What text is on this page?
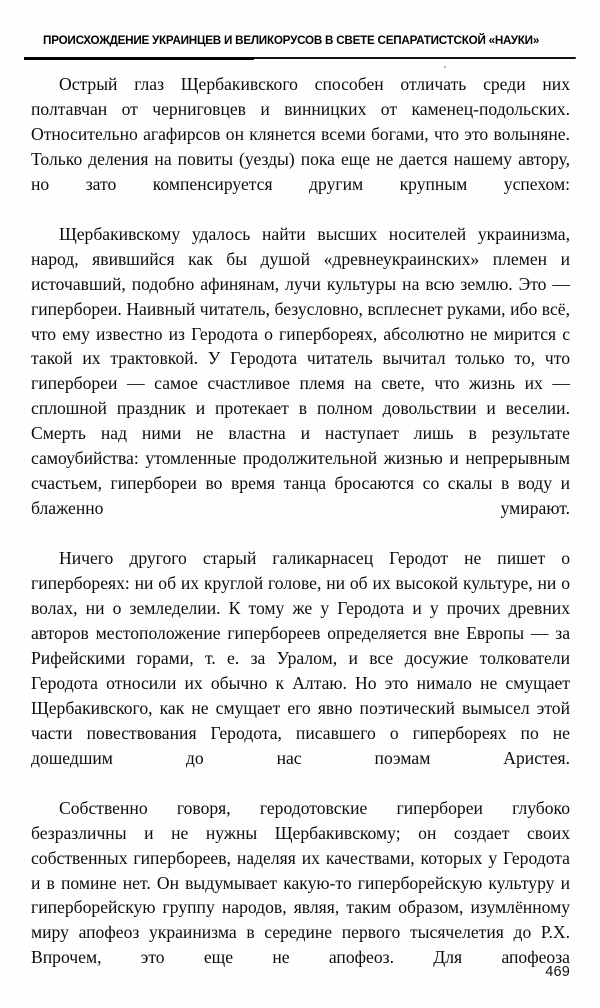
ПРОИСХОЖДЕНИЕ УКРАИНЦЕВ И ВЕЛИКОРУСОВ В СВЕТЕ СЕПАРАТИСТСКОЙ «НАУКИ»

Острый глаз Щербакивского способен отличать среди них полтавчан от черниговцев и винницких от каменец-подольских. Относительно агафирсов он клянется всеми богами, что это волыняне. Только деления на повиты (уезды) пока еще не дается нашему автору, но зато компенсируется другим крупным успехом:

Щербакивскому удалось найти высших носителей украинизма, народ, явившийся как бы душой «древнеукраинских» племен и источавший, подобно афинянам, лучи культуры на всю землю. Это — гипербореи. Наивный читатель, безусловно, всплеснет руками, ибо всё, что ему известно из Геродота о гипербореях, абсолютно не мирится с такой их трактовкой. У Геродота читатель вычитал только то, что гипербореи — самое счастливое племя на свете, что жизнь их — сплошной праздник и протекает в полном довольствии и веселии. Смерть над ними не властна и наступает лишь в результате самоубийства: утомленные продолжительной жизнью и непрерывным счастьем, гипербореи во время танца бросаются со скалы в воду и блаженно умирают.

Ничего другого старый галикарнасец Геродот не пишет о гипербореях: ни об их круглой голове, ни об их высокой культуре, ни о волах, ни о земледелии. К тому же у Геродота и у прочих древних авторов местоположение гипербореев определяется вне Европы — за Рифейскими горами, т. е. за Уралом, и все досужие толкователи Геродота относили их обычно к Алтаю. Но это нимало не смущает Щербакивского, как не смущает его явно поэтический вымысел этой части повествования Геродота, писавшего о гипербореях по не дошедшим до нас поэмам Аристея.

Собственно говоря, геродотовские гипербореи глубоко безразличны и не нужны Щербакивскому; он создает своих собственных гипербореев, наделяя их качествами, которых у Геродота и в помине нет. Он выдумывает какую-то гиперборейскую культуру и гиперборейскую группу народов, являя, таким образом, изумлённому миру апофеоз украинизма в середине первого тысячелетия до Р.Х. Впрочем, это еще не апофеоз. Для апофеоза

469
